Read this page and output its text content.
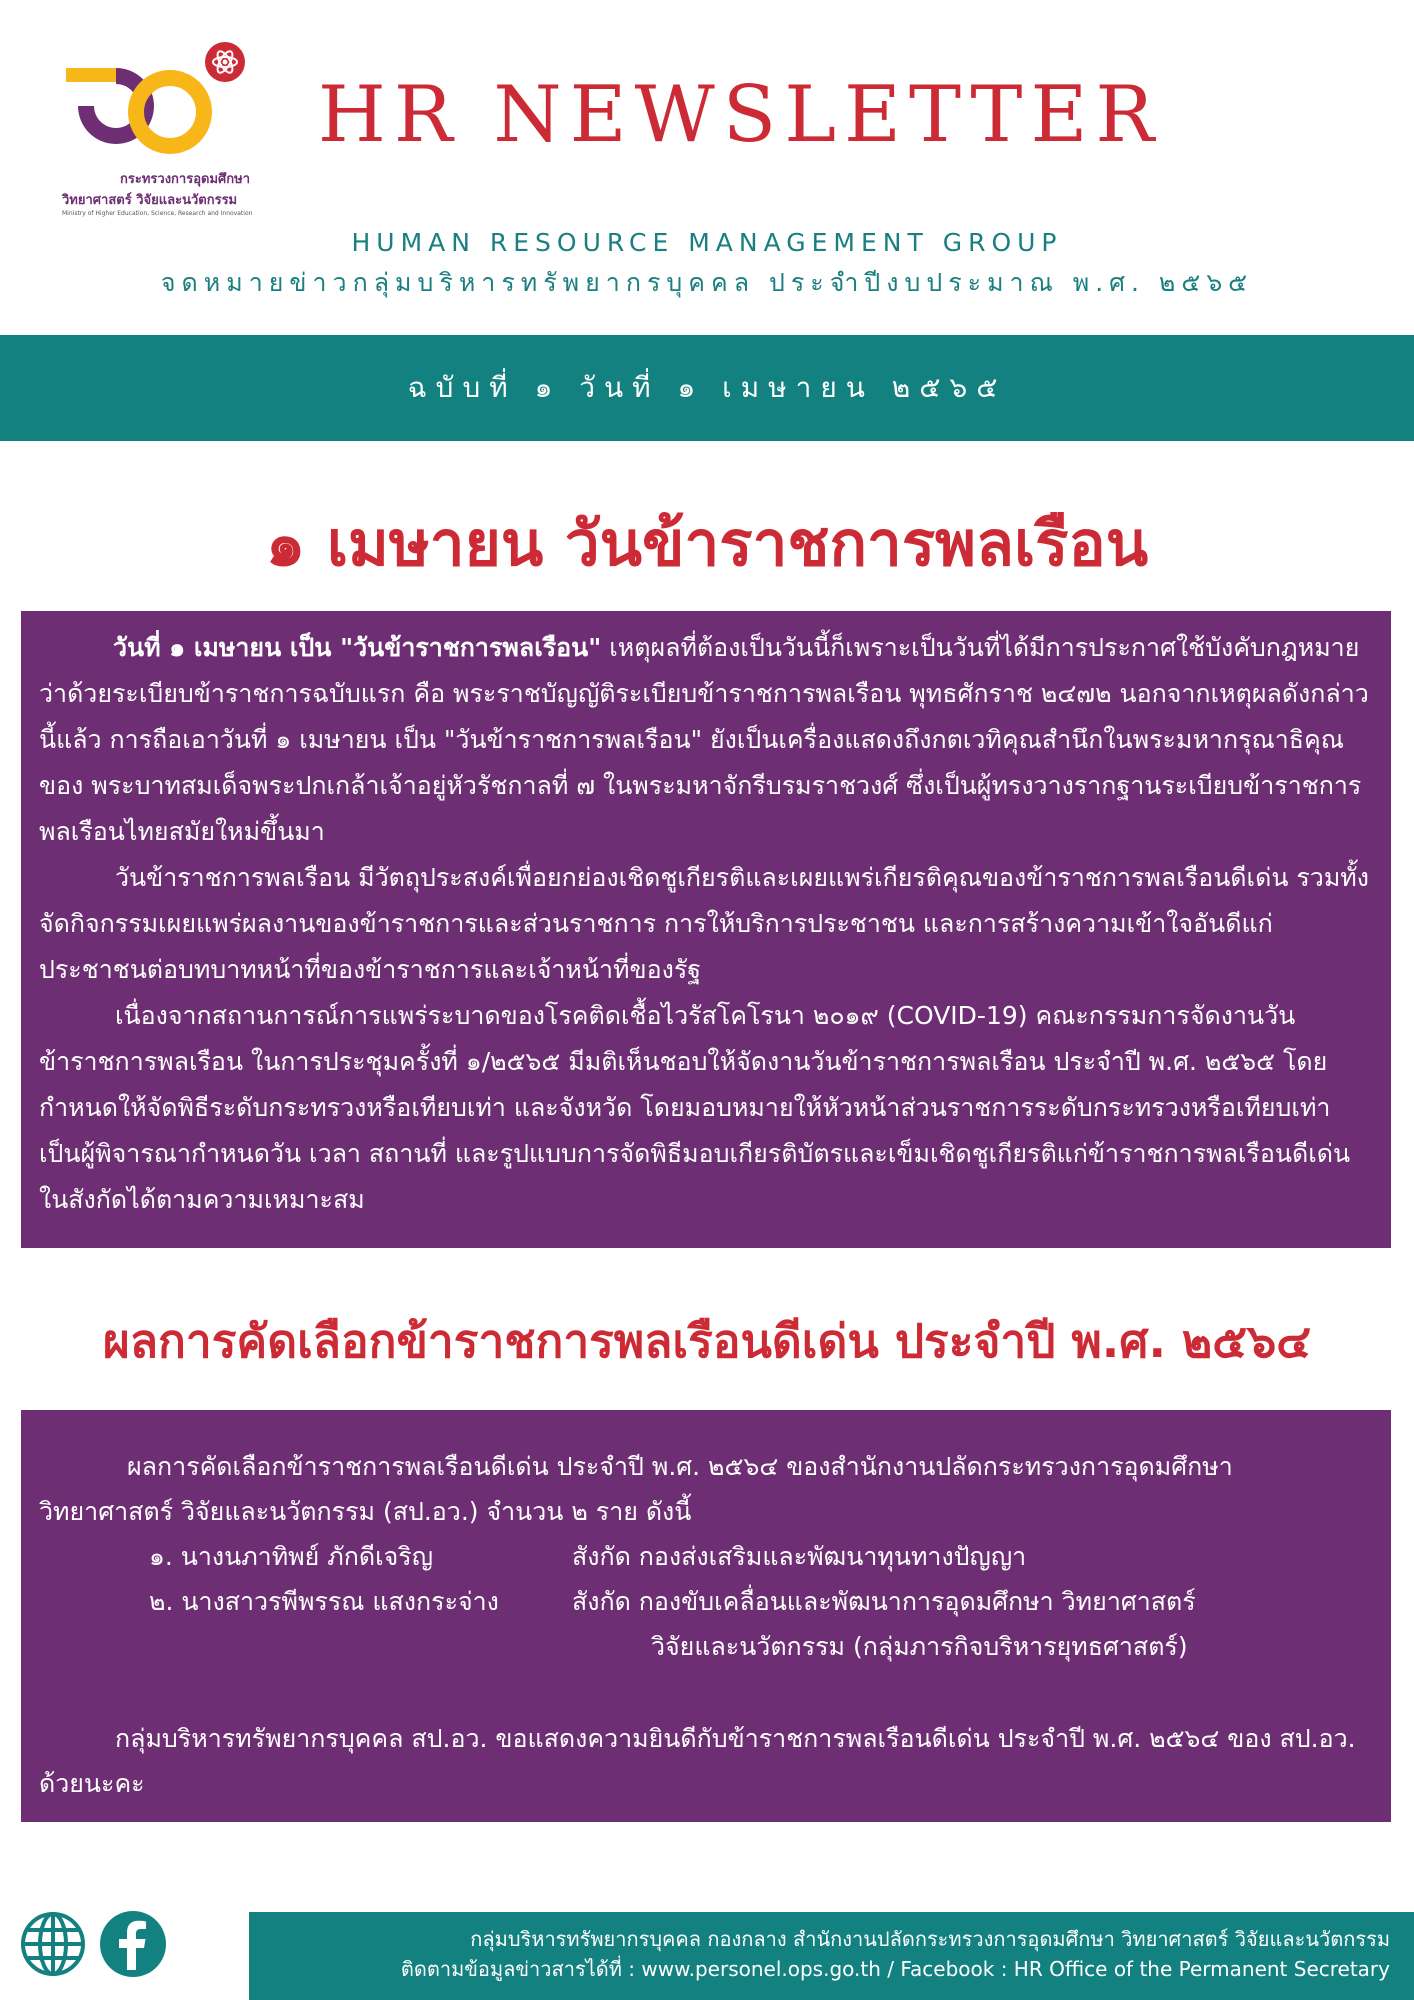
กระทรวงการอุดมศึกษา
วิทยาศาสตร์ วิจัยและนวัตกรรม
Ministry of Higher Education, Science, Research and Innovation
HR NEWSLETTER
HUMAN RESOURCE MANAGEMENT GROUP
จดหมายข่าวกลุ่มบริหารทรัพยากรบุคคล ประจำปีงบประมาณ พ.ศ. ๒๕๖๕
ฉบับที่ ๑ วันที่ ๑ เมษายน ๒๕๖๕
๑ เมษายน วันข้าราชการพลเรือน

วันที่ ๑ เมษายน เป็น "วันข้าราชการพลเรือน" เหตุผลที่ต้องเป็นวันนี้ก็เพราะเป็นวันที่ได้มีการประกาศใช้บังคับกฎหมายว่าด้วยระเบียบข้าราชการฉบับแรก คือ พระราชบัญญัติระเบียบข้าราชการพลเรือน พุทธศักราช ๒๔๗๒ นอกจากเหตุผลดังกล่าวนี้แล้ว การถือเอาวันที่ ๑ เมษายน เป็น "วันข้าราชการพลเรือน" ยังเป็นเครื่องแสดงถึงกตเวทิคุณสำนึกในพระมหากรุณาธิคุณของ พระบาทสมเด็จพระปกเกล้าเจ้าอยู่หัวรัชกาลที่ ๗ ในพระมหาจักรีบรมราชวงศ์ ซึ่งเป็นผู้ทรงวางรากฐานระเบียบข้าราชการพลเรือนไทยสมัยใหม่ขึ้นมา

วันข้าราชการพลเรือน มีวัตถุประสงค์เพื่อยกย่องเชิดชูเกียรติและเผยแพร่เกียรติคุณของข้าราชการพลเรือนดีเด่น รวมทั้งจัดกิจกรรมเผยแพร่ผลงานของข้าราชการและส่วนราชการ การให้บริการประชาชน และการสร้างความเข้าใจอันดีแก่ประชาชนต่อบทบาทหน้าที่ของข้าราชการและเจ้าหน้าที่ของรัฐ

เนื่องจากสถานการณ์การแพร่ระบาดของโรคติดเชื้อไวรัสโคโรนา ๒๐๑๙ (COVID-19) คณะกรรมการจัดงานวันข้าราชการพลเรือน ในการประชุมครั้งที่ ๑/๒๕๖๕ มีมติเห็นชอบให้จัดงานวันข้าราชการพลเรือน ประจำปี พ.ศ. ๒๕๖๕ โดยกำหนดให้จัดพิธีระดับกระทรวงหรือเทียบเท่า และจังหวัด โดยมอบหมายให้หัวหน้าส่วนราชการระดับกระทรวงหรือเทียบเท่าเป็นผู้พิจารณากำหนดวัน เวลา สถานที่ และรูปแบบการจัดพิธีมอบเกียรติบัตรและเข็มเชิดชูเกียรติแก่ข้าราชการพลเรือนดีเด่นในสังกัดได้ตามความเหมาะสม

ผลการคัดเลือกข้าราชการพลเรือนดีเด่น ประจำปี พ.ศ. ๒๕๖๔

ผลการคัดเลือกข้าราชการพลเรือนดีเด่น ประจำปี พ.ศ. ๒๕๖๔ ของสำนักงานปลัดกระทรวงการอุดมศึกษา วิทยาศาสตร์ วิจัยและนวัตกรรม (สป.อว.) จำนวน ๒ ราย ดังนี้

๑. นางนภาทิพย์ ภักดีเจริญ	สังกัด กองส่งเสริมและพัฒนาทุนทางปัญญา
๒. นางสาวรพีพรรณ แสงกระจ่าง	สังกัด กองขับเคลื่อนและพัฒนาการอุดมศึกษา วิทยาศาสตร์
วิจัยและนวัตกรรม (กลุ่มภารกิจบริหารยุทธศาสตร์)

กลุ่มบริหารทรัพยากรบุคคล สป.อว. ขอแสดงความยินดีกับข้าราชการพลเรือนดีเด่น ประจำปี พ.ศ. ๒๕๖๔ ของ สป.อว. ด้วยนะคะ

กลุ่มบริหารทรัพยากรบุคคล กองกลาง สำนักงานปลัดกระทรวงการอุดมศึกษา วิทยาศาสตร์ วิจัยและนวัตกรรม
ติดตามข้อมูลข่าวสารได้ที่ : www.personel.ops.go.th / Facebook : HR Office of the Permanent Secretary
